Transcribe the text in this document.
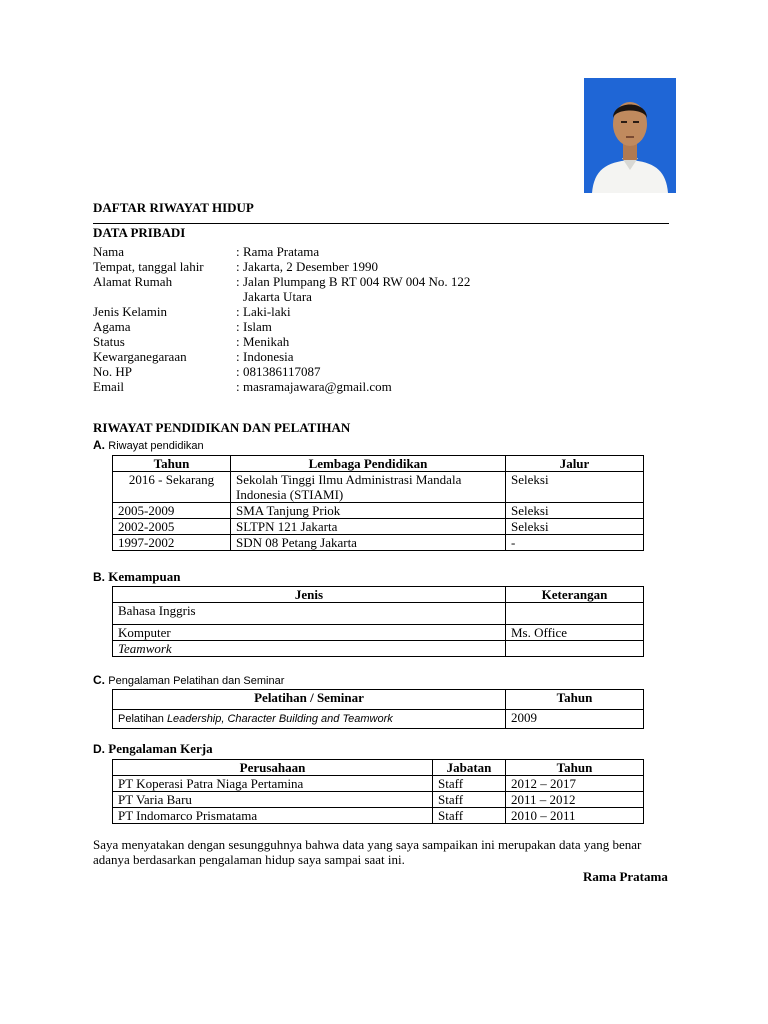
DAFTAR RIWAYAT HIDUP
DATA PRIBADI
Nama	: Rama Pratama
Tempat, tanggal lahir	: Jakarta, 2 Desember 1990
Alamat Rumah	: Jalan Plumpang B RT 004 RW 004 No. 122 Jakarta Utara
Jenis Kelamin	: Laki-laki
Agama	: Islam
Status	: Menikah
Kewarganegaraan	: Indonesia
No. HP	: 081386117087
Email	: masramajawara@gmail.com
RIWAYAT PENDIDIKAN DAN PELATIHAN
A. Riwayat pendidikan
Tahun	Lembaga Pendidikan	Jalur
2016 - Sekarang	Sekolah Tinggi Ilmu Administrasi Mandala Indonesia (STIAMI)	Seleksi
2005-2009	SMA Tanjung Priok	Seleksi
2002-2005	SLTPN 121 Jakarta	Seleksi
1997-2002	SDN 08 Petang Jakarta	-
B. Kemampuan
Jenis	Keterangan
Bahasa Inggris	
Komputer	Ms. Office
Teamwork	
C. Pengalaman Pelatihan dan Seminar
Pelatihan / Seminar	Tahun
Pelatihan Leadership, Character Building and Teamwork	2009
D. Pengalaman Kerja
Perusahaan	Jabatan	Tahun
PT Koperasi Patra Niaga Pertamina	Staff	2012 – 2017
PT Varia Baru	Staff	2011 – 2012
PT Indomarco Prismatama	Staff	2010 – 2011
Saya menyatakan dengan sesungguhnya bahwa data yang saya sampaikan ini merupakan data yang benar adanya berdasarkan pengalaman hidup saya sampai saat ini.
Rama Pratama
